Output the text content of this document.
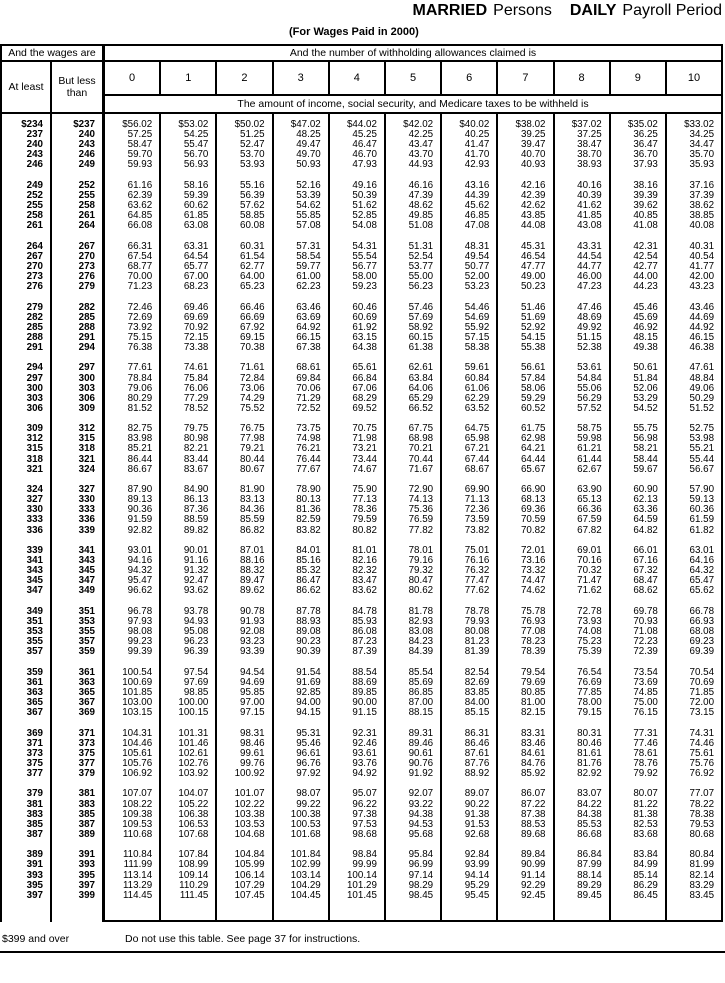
MARRIED Persons DAILY Payroll Period
(For Wages Paid in 2000)
And the wages are	And the number of withholding allowances claimed is
At least	But less than
0	1	2	3	4	5	6	7	8	9	10
The amount of income, social security, and Medicare taxes to be withheld is
$234	$237	$56.02	$53.02	$50.02	$47.02	$44.02	$42.02	$40.02	$38.02	$37.02	$35.02	$33.02
237	240	57.25	54.25	51.25	48.25	45.25	42.25	40.25	39.25	37.25	36.25	34.25
240	243	58.47	55.47	52.47	49.47	46.47	43.47	41.47	39.47	38.47	36.47	34.47
243	246	59.70	56.70	53.70	49.70	46.70	43.70	41.70	40.70	38.70	36.70	35.70
246	249	59.93	56.93	53.93	50.93	47.93	44.93	42.93	40.93	38.93	37.93	35.93
249	252	61.16	58.16	55.16	52.16	49.16	46.16	43.16	42.16	40.16	38.16	37.16
252	255	62.39	59.39	56.39	53.39	50.39	47.39	44.39	42.39	40.39	39.39	37.39
255	258	63.62	60.62	57.62	54.62	51.62	48.62	45.62	42.62	41.62	39.62	38.62
258	261	64.85	61.85	58.85	55.85	52.85	49.85	46.85	43.85	41.85	40.85	38.85
261	264	66.08	63.08	60.08	57.08	54.08	51.08	47.08	44.08	43.08	41.08	40.08
264	267	66.31	63.31	60.31	57.31	54.31	51.31	48.31	45.31	43.31	42.31	40.31
267	270	67.54	64.54	61.54	58.54	55.54	52.54	49.54	46.54	44.54	42.54	40.54
270	273	68.77	65.77	62.77	59.77	56.77	53.77	50.77	47.77	44.77	42.77	41.77
273	276	70.00	67.00	64.00	61.00	58.00	55.00	52.00	49.00	46.00	44.00	42.00
276	279	71.23	68.23	65.23	62.23	59.23	56.23	53.23	50.23	47.23	44.23	43.23
279	282	72.46	69.46	66.46	63.46	60.46	57.46	54.46	51.46	47.46	45.46	43.46
282	285	72.69	69.69	66.69	63.69	60.69	57.69	54.69	51.69	48.69	45.69	44.69
285	288	73.92	70.92	67.92	64.92	61.92	58.92	55.92	52.92	49.92	46.92	44.92
288	291	75.15	72.15	69.15	66.15	63.15	60.15	57.15	54.15	51.15	48.15	46.15
291	294	76.38	73.38	70.38	67.38	64.38	61.38	58.38	55.38	52.38	49.38	46.38
294	297	77.61	74.61	71.61	68.61	65.61	62.61	59.61	56.61	53.61	50.61	47.61
297	300	78.84	75.84	72.84	69.84	66.84	63.84	60.84	57.84	54.84	51.84	48.84
300	303	79.06	76.06	73.06	70.06	67.06	64.06	61.06	58.06	55.06	52.06	49.06
303	306	80.29	77.29	74.29	71.29	68.29	65.29	62.29	59.29	56.29	53.29	50.29
306	309	81.52	78.52	75.52	72.52	69.52	66.52	63.52	60.52	57.52	54.52	51.52
309	312	82.75	79.75	76.75	73.75	70.75	67.75	64.75	61.75	58.75	55.75	52.75
312	315	83.98	80.98	77.98	74.98	71.98	68.98	65.98	62.98	59.98	56.98	53.98
315	318	85.21	82.21	79.21	76.21	73.21	70.21	67.21	64.21	61.21	58.21	55.21
318	321	86.44	83.44	80.44	76.44	73.44	70.44	67.44	64.44	61.44	58.44	55.44
321	324	86.67	83.67	80.67	77.67	74.67	71.67	68.67	65.67	62.67	59.67	56.67
324	327	87.90	84.90	81.90	78.90	75.90	72.90	69.90	66.90	63.90	60.90	57.90
327	330	89.13	86.13	83.13	80.13	77.13	74.13	71.13	68.13	65.13	62.13	59.13
330	333	90.36	87.36	84.36	81.36	78.36	75.36	72.36	69.36	66.36	63.36	60.36
333	336	91.59	88.59	85.59	82.59	79.59	76.59	73.59	70.59	67.59	64.59	61.59
336	339	92.82	89.82	86.82	83.82	80.82	77.82	73.82	70.82	67.82	64.82	61.82
339	341	93.01	90.01	87.01	84.01	81.01	78.01	75.01	72.01	69.01	66.01	63.01
341	343	94.16	91.16	88.16	85.16	82.16	79.16	76.16	73.16	70.16	67.16	64.16
343	345	94.32	91.32	88.32	85.32	82.32	79.32	76.32	73.32	70.32	67.32	64.32
345	347	95.47	92.47	89.47	86.47	83.47	80.47	77.47	74.47	71.47	68.47	65.47
347	349	96.62	93.62	89.62	86.62	83.62	80.62	77.62	74.62	71.62	68.62	65.62
349	351	96.78	93.78	90.78	87.78	84.78	81.78	78.78	75.78	72.78	69.78	66.78
351	353	97.93	94.93	91.93	88.93	85.93	82.93	79.93	76.93	73.93	70.93	66.93
353	355	98.08	95.08	92.08	89.08	86.08	83.08	80.08	77.08	74.08	71.08	68.08
355	357	99.23	96.23	93.23	90.23	87.23	84.23	81.23	78.23	75.23	72.23	69.23
357	359	99.39	96.39	93.39	90.39	87.39	84.39	81.39	78.39	75.39	72.39	69.39
359	361	100.54	97.54	94.54	91.54	88.54	85.54	82.54	79.54	76.54	73.54	70.54
361	363	100.69	97.69	94.69	91.69	88.69	85.69	82.69	79.69	76.69	73.69	70.69
363	365	101.85	98.85	95.85	92.85	89.85	86.85	83.85	80.85	77.85	74.85	71.85
365	367	103.00	100.00	97.00	94.00	90.00	87.00	84.00	81.00	78.00	75.00	72.00
367	369	103.15	100.15	97.15	94.15	91.15	88.15	85.15	82.15	79.15	76.15	73.15
369	371	104.31	101.31	98.31	95.31	92.31	89.31	86.31	83.31	80.31	77.31	74.31
371	373	104.46	101.46	98.46	95.46	92.46	89.46	86.46	83.46	80.46	77.46	74.46
373	375	105.61	102.61	99.61	96.61	93.61	90.61	87.61	84.61	81.61	78.61	75.61
375	377	105.76	102.76	99.76	96.76	93.76	90.76	87.76	84.76	81.76	78.76	75.76
377	379	106.92	103.92	100.92	97.92	94.92	91.92	88.92	85.92	82.92	79.92	76.92
379	381	107.07	104.07	101.07	98.07	95.07	92.07	89.07	86.07	83.07	80.07	77.07
381	383	108.22	105.22	102.22	99.22	96.22	93.22	90.22	87.22	84.22	81.22	78.22
383	385	109.38	106.38	103.38	100.38	97.38	94.38	91.38	87.38	84.38	81.38	78.38
385	387	109.53	106.53	103.53	100.53	97.53	94.53	91.53	88.53	85.53	82.53	79.53
387	389	110.68	107.68	104.68	101.68	98.68	95.68	92.68	89.68	86.68	83.68	80.68
389	391	110.84	107.84	104.84	101.84	98.84	95.84	92.84	89.84	86.84	83.84	80.84
391	393	111.99	108.99	105.99	102.99	99.99	96.99	93.99	90.99	87.99	84.99	81.99
393	395	113.14	109.14	106.14	103.14	100.14	97.14	94.14	91.14	88.14	85.14	82.14
395	397	113.29	110.29	107.29	104.29	101.29	98.29	95.29	92.29	89.29	86.29	83.29
397	399	114.45	111.45	107.45	104.45	101.45	98.45	95.45	92.45	89.45	86.45	83.45
$399 and over	Do not use this table. See page 37 for instructions.
